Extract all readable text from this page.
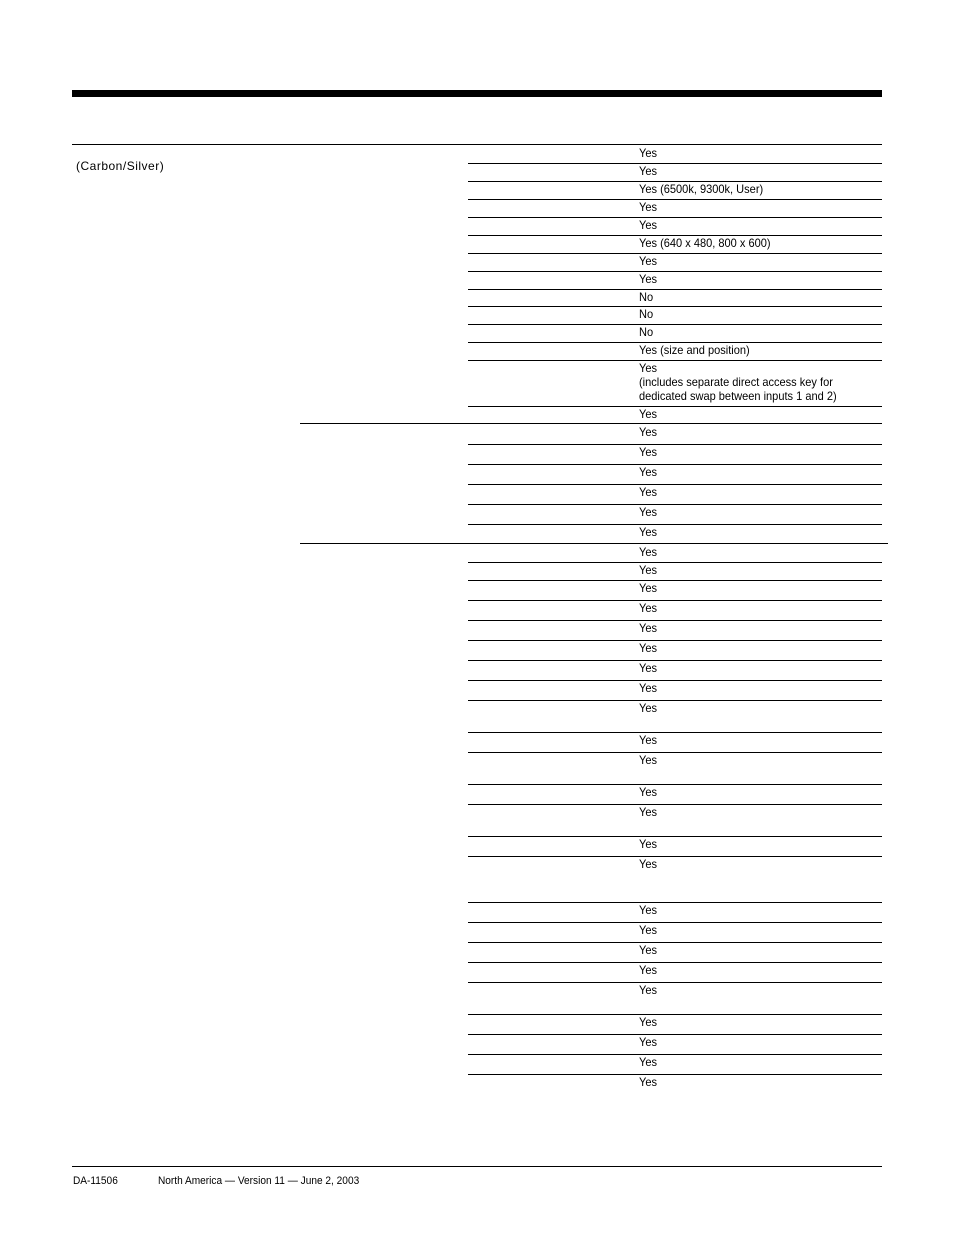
(Carbon/Silver)
Yes
Yes
Yes (6500k, 9300k, User)
Yes
Yes
Yes (640 x 480, 800 x 600)
Yes
Yes
No
No
No
Yes (size and position)
Yes
(includes separate direct access key for
dedicated swap between inputs 1 and 2)
Yes
Yes
Yes
Yes
Yes
Yes
Yes
Yes
Yes
Yes
Yes
Yes
Yes
Yes
Yes
Yes
Yes
Yes
Yes
Yes
Yes
Yes
Yes
Yes
Yes
Yes
Yes
Yes
Yes
Yes
Yes
DA-11506	North America — Version 11 — June 2, 2003
